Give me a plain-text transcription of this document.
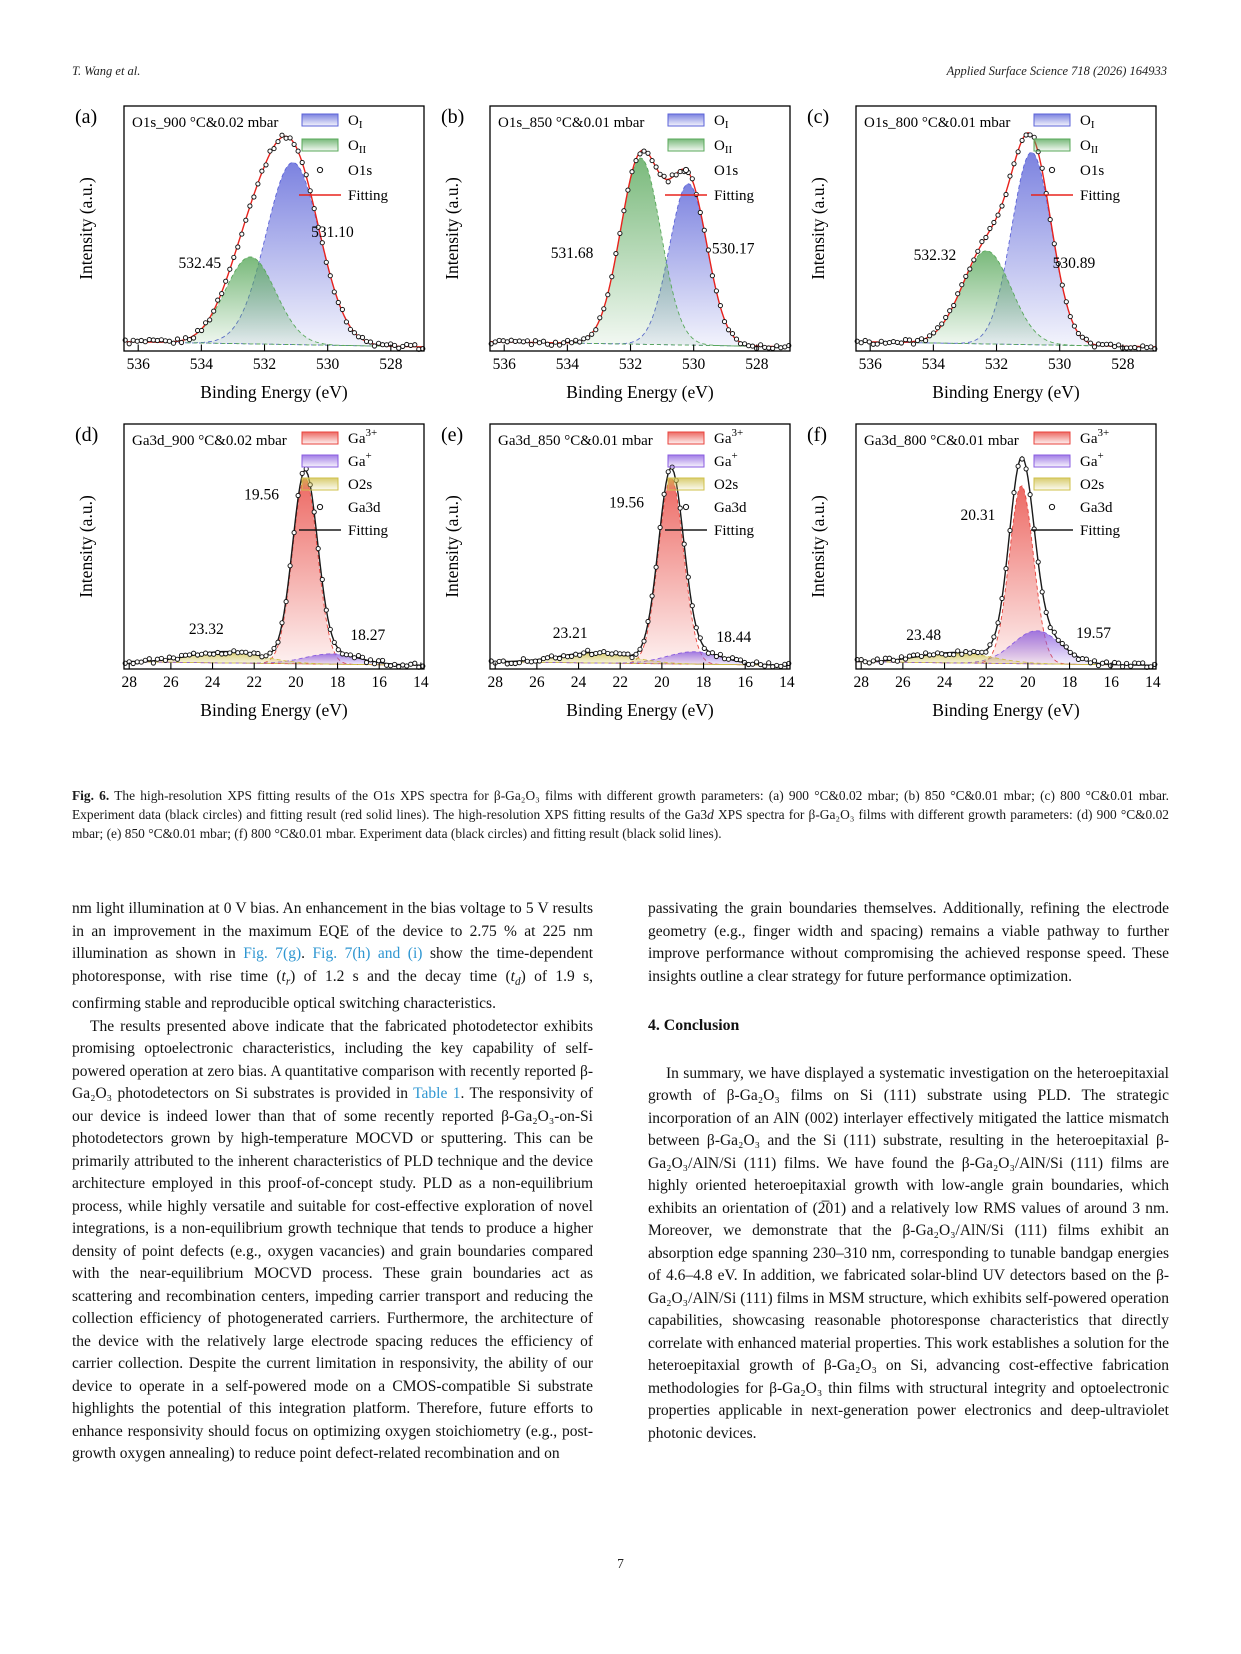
T. Wang et al.	Applied Surface Science 718 (2026) 164933
536	534	532	530	528
Binding Energy (eV)
Intensity (a.u.)
(a) O1s_900 °C&0.02 mbar	$O_I$
$O_{II}$
O1s
Fitting
532.45
531.10
536	534	532	530	528
Binding Energy (eV)
Intensity (a.u.)
(b) O1s_850 °C&0.01 mbar	$O_I$
$O_{II}$
O1s
Fitting
531.68	530.17
536	534	532	530	528
Binding Energy (eV)
Intensity (a.u.)
(c) O1s_800 °C&0.01 mbar	$O_I$
$O_{II}$
O1s
Fitting
532.32	530.89
28 26 24 22 20 18 16 14
Binding Energy (eV)
Intensity (a.u.)
(d) Ga3d_900 °C&0.02 mbar	$Ga^{3+}$
Ga+
O2s
Ga3d
Fitting
19.56
23.32	18.27
28 26 24 22 20 18 16 14
Binding Energy (eV)
Intensity (a.u.)
(e) Ga3d_850 °C&0.01 mbar	$Ga^{3+}$
Ga+
O2s
Ga3d
Fitting
19.56
23.21	18.44
28 26 24 22 20 18 16 14
Binding Energy (eV)
Intensity (a.u.)
(f) Ga3d_800 °C&0.01 mbar	$Ga^{3+}$
Ga+
O2s
Ga3d
Fitting
20.31
23.48	19.57

Fig. 6. The high-resolution XPS fitting results of the O1s XPS spectra for β-Ga₂O₃ films with different growth parameters: (a) 900 °C&0.02 mbar; (b) 850 °C&0.01 mbar; (c) 800 °C&0.01 mbar. Experiment data (black circles) and fitting result (red solid lines). The high-resolution XPS fitting results of the Ga3d XPS spectra for β-Ga₂O₃ films with different growth parameters: (d) 900 °C&0.02 mbar; (e) 850 °C&0.01 mbar; (f) 800 °C&0.01 mbar. Experiment data (black circles) and fitting result (black solid lines).

nm light illumination at 0 V bias. An enhancement in the bias voltage to 5 V results in an improvement in the maximum EQE of the device to 2.75 % at 225 nm illumination as shown in Fig. 7(g). Fig. 7(h) and (i) show the time-dependent photoresponse, with rise time $(t_r)$ of 1.2 s and the decay time $(t_d)$ of 1.9 s, confirming stable and reproducible optical switching characteristics.

The results presented above indicate that the fabricated photodetector exhibits promising optoelectronic characteristics, including the key capability of self-powered operation at zero bias. A quantitative comparison with recently reported β-Ga₂O₃ photodetectors on Si substrates is provided in Table 1. The responsivity of our device is indeed lower than that of some recently reported β-Ga₂O₃-on-Si photodetectors grown by high-temperature MOCVD or sputtering. This can be primarily attributed to the inherent characteristics of PLD technique and the device architecture employed in this proof-of-concept study. PLD as a non-equilibrium process, while highly versatile and suitable for cost-effective exploration of novel integrations, is a non-equilibrium growth technique that tends to produce a higher density of point defects (e.g., oxygen vacancies) and grain boundaries compared with the near-equilibrium MOCVD process. These grain boundaries act as scattering and recombination centers, impeding carrier transport and reducing the collection efficiency of photogenerated carriers. Furthermore, the architecture of the device with the relatively large electrode spacing reduces the efficiency of carrier collection. Despite the current limitation in responsivity, the ability of our device to operate in a self-powered mode on a CMOS-compatible Si substrate highlights the potential of this integration platform. Therefore, future efforts to enhance responsivity should focus on optimizing oxygen stoichiometry (e.g., post-growth oxygen annealing) to reduce point defect-related recombination and on

passivating the grain boundaries themselves. Additionally, refining the electrode geometry (e.g., finger width and spacing) remains a viable pathway to further improve performance without compromising the achieved response speed. These insights outline a clear strategy for future performance optimization.

4. Conclusion

In summary, we have displayed a systematic investigation on the heteroepitaxial growth of β-Ga₂O₃ films on Si (111) substrate using PLD. The strategic incorporation of an AlN (002) interlayer effectively mitigated the lattice mismatch between β-Ga₂O₃ and the Si (111) substrate, resulting in the heteroepitaxial β-Ga₂O₃/AlN/Si (111) films. We have found the β-Ga₂O₃/AlN/Si (111) films are highly oriented heteroepitaxial growth with low-angle grain boundaries, which exhibits an orientation of (2̅01) and a relatively low RMS values of around 3 nm. Moreover, we demonstrate that the β-Ga₂O₃/AlN/Si (111) films exhibit an absorption edge spanning 230–310 nm, corresponding to tunable bandgap energies of 4.6–4.8 eV. In addition, we fabricated solar-blind UV detectors based on the β-Ga₂O₃/AlN/Si (111) films in MSM structure, which exhibits self-powered operation capabilities, showcasing reasonable photoresponse characteristics that directly correlate with enhanced material properties. This work establishes a solution for the heteroepitaxial growth of β-Ga₂O₃ on Si, advancing cost-effective fabrication methodologies for β-Ga₂O₃ thin films with structural integrity and optoelectronic properties applicable in next-generation power electronics and deep-ultraviolet photonic devices.

7
